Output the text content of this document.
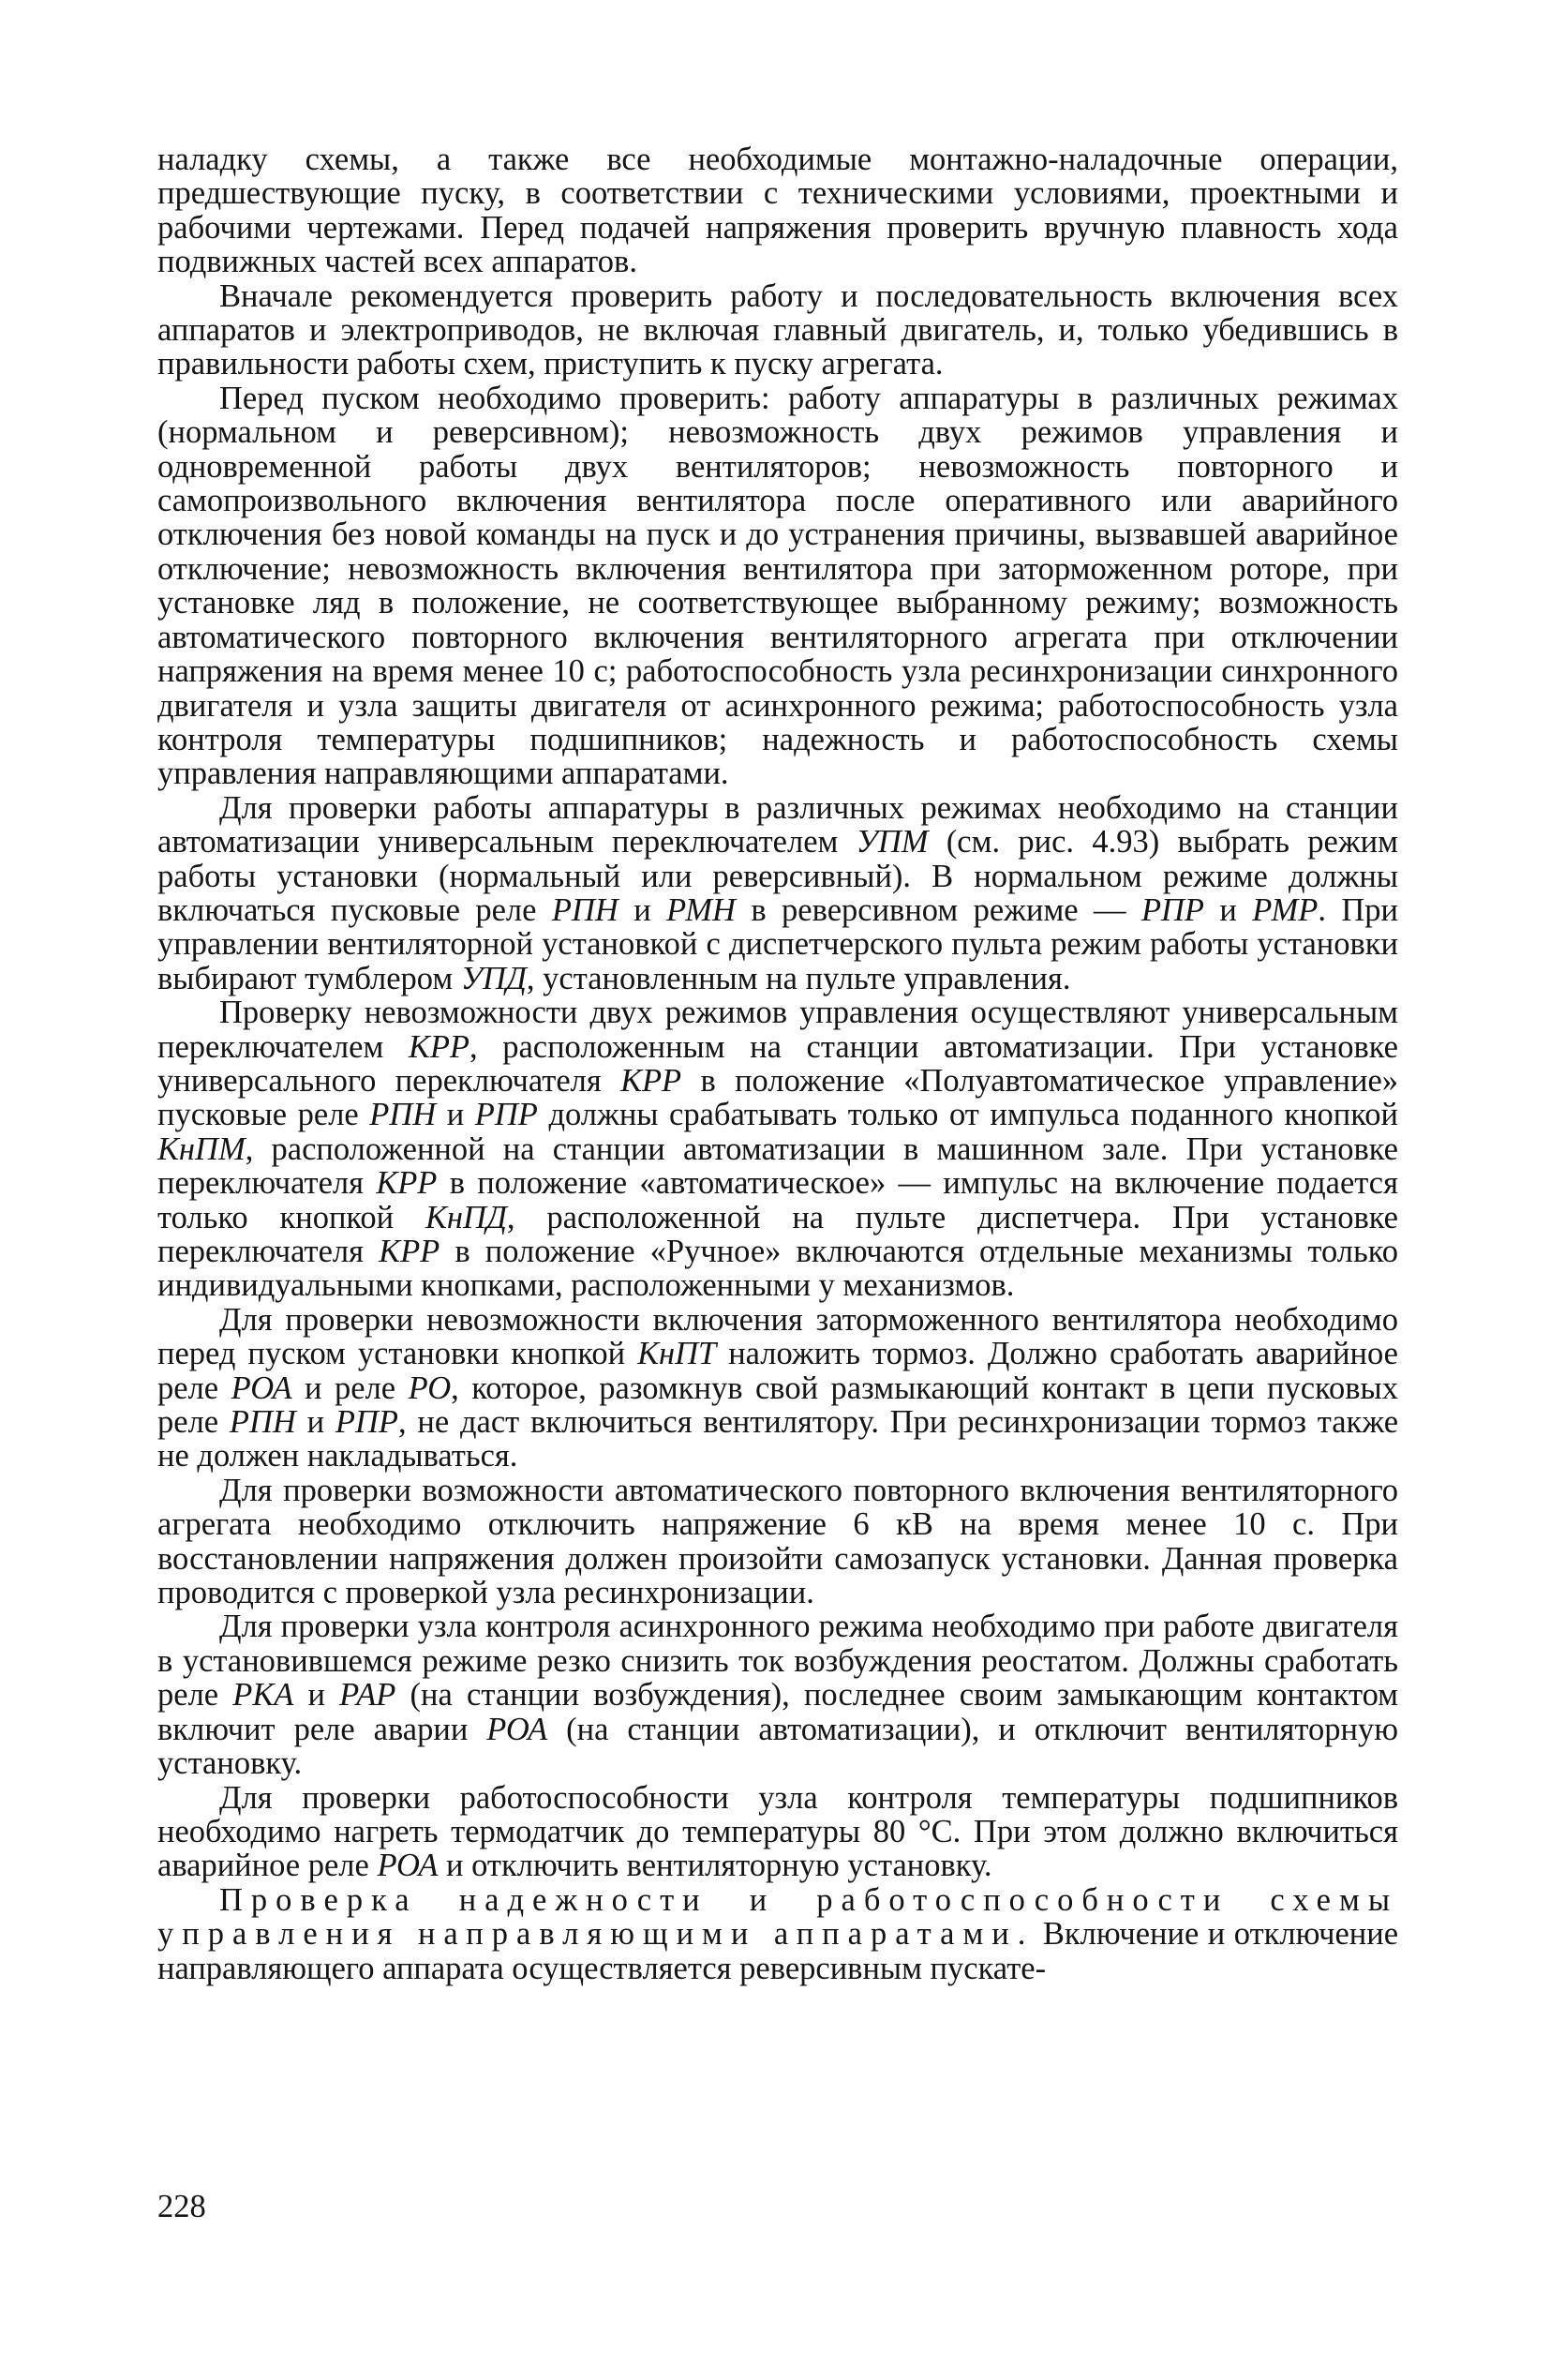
наладку схемы, а также все необходимые монтажно-наладочные операции, предшествующие пуску, в соответствии с техническими условиями, проектными и рабочими чертежами. Перед подачей напряжения проверить вручную плавность хода подвижных частей всех аппаратов.

Вначале рекомендуется проверить работу и последовательность включения всех аппаратов и электроприводов, не включая главный двигатель, и, только убедившись в правильности работы схем, приступить к пуску агрегата.

Перед пуском необходимо проверить: работу аппаратуры в различных режимах (нормальном и реверсивном); невозможность двух режимов управления и одновременной работы двух вентиляторов; невозможность повторного и самопроизвольного включения вентилятора после оперативного или аварийного отключения без новой команды на пуск и до устранения причины, вызвавшей аварийное отключение; невозможность включения вентилятора при заторможенном роторе, при установке ляд в положение, не соответствующее выбранному режиму; возможность автоматического повторного включения вентиляторного агрегата при отключении напряжения на время менее 10 с; работоспособность узла ресинхронизации синхронного двигателя и узла защиты двигателя от асинхронного режима; работоспособность узла контроля температуры подшипников; надежность и работоспособность схемы управления направляющими аппаратами.

Для проверки работы аппаратуры в различных режимах необходимо на станции автоматизации универсальным переключателем УПМ (см. рис. 4.93) выбрать режим работы установки (нормальный или реверсивный). В нормальном режиме должны включаться пусковые реле РПН и РМН в реверсивном режиме — РПР и РМР. При управлении вентиляторной установкой с диспетчерского пульта режим работы установки выбирают тумблером УПД, установленным на пульте управления.

Проверку невозможности двух режимов управления осуществляют универсальным переключателем КРР, расположенным на станции автоматизации. При установке универсального переключателя КРР в положение «Полуавтоматическое управление» пусковые реле РПН и РПР должны срабатывать только от импульса поданного кнопкой КнПМ, расположенной на станции автоматизации в машинном зале. При установке переключателя КРР в положение «автоматическое» — импульс на включение подается только кнопкой КнПД, расположенной на пульте диспетчера. При установке переключателя КРР в положение «Ручное» включаются отдельные механизмы только индивидуальными кнопками, расположенными у механизмов.

Для проверки невозможности включения заторможенного вентилятора необходимо перед пуском установки кнопкой КнПТ наложить тормоз. Должно сработать аварийное реле РОА и реле РО, которое, разомкнув свой размыкающий контакт в цепи пусковых реле РПН и РПР, не даст включиться вентилятору. При ресинхронизации тормоз также не должен накладываться.

Для проверки возможности автоматического повторного включения вентиляторного агрегата необходимо отключить напряжение 6 кВ на время менее 10 с. При восстановлении напряжения должен произойти самозапуск установки. Данная проверка проводится с проверкой узла ресинхронизации.

Для проверки узла контроля асинхронного режима необходимо при работе двигателя в установившемся режиме резко снизить ток возбуждения реостатом. Должны сработать реле РКА и РАР (на станции возбуждения), последнее своим замыкающим контактом включит реле аварии РОА (на станции автоматизации), и отключит вентиляторную установку.

Для проверки работоспособности узла контроля температуры подшипников необходимо нагреть термодатчик до температуры 80 °С. При этом должно включиться аварийное реле РОА и отключить вентиляторную установку.

Проверка надежности и работоспособности схемы управления направляющими аппаратами. Включение и отключение направляющего аппарата осуществляется реверсивным пускате-

228
